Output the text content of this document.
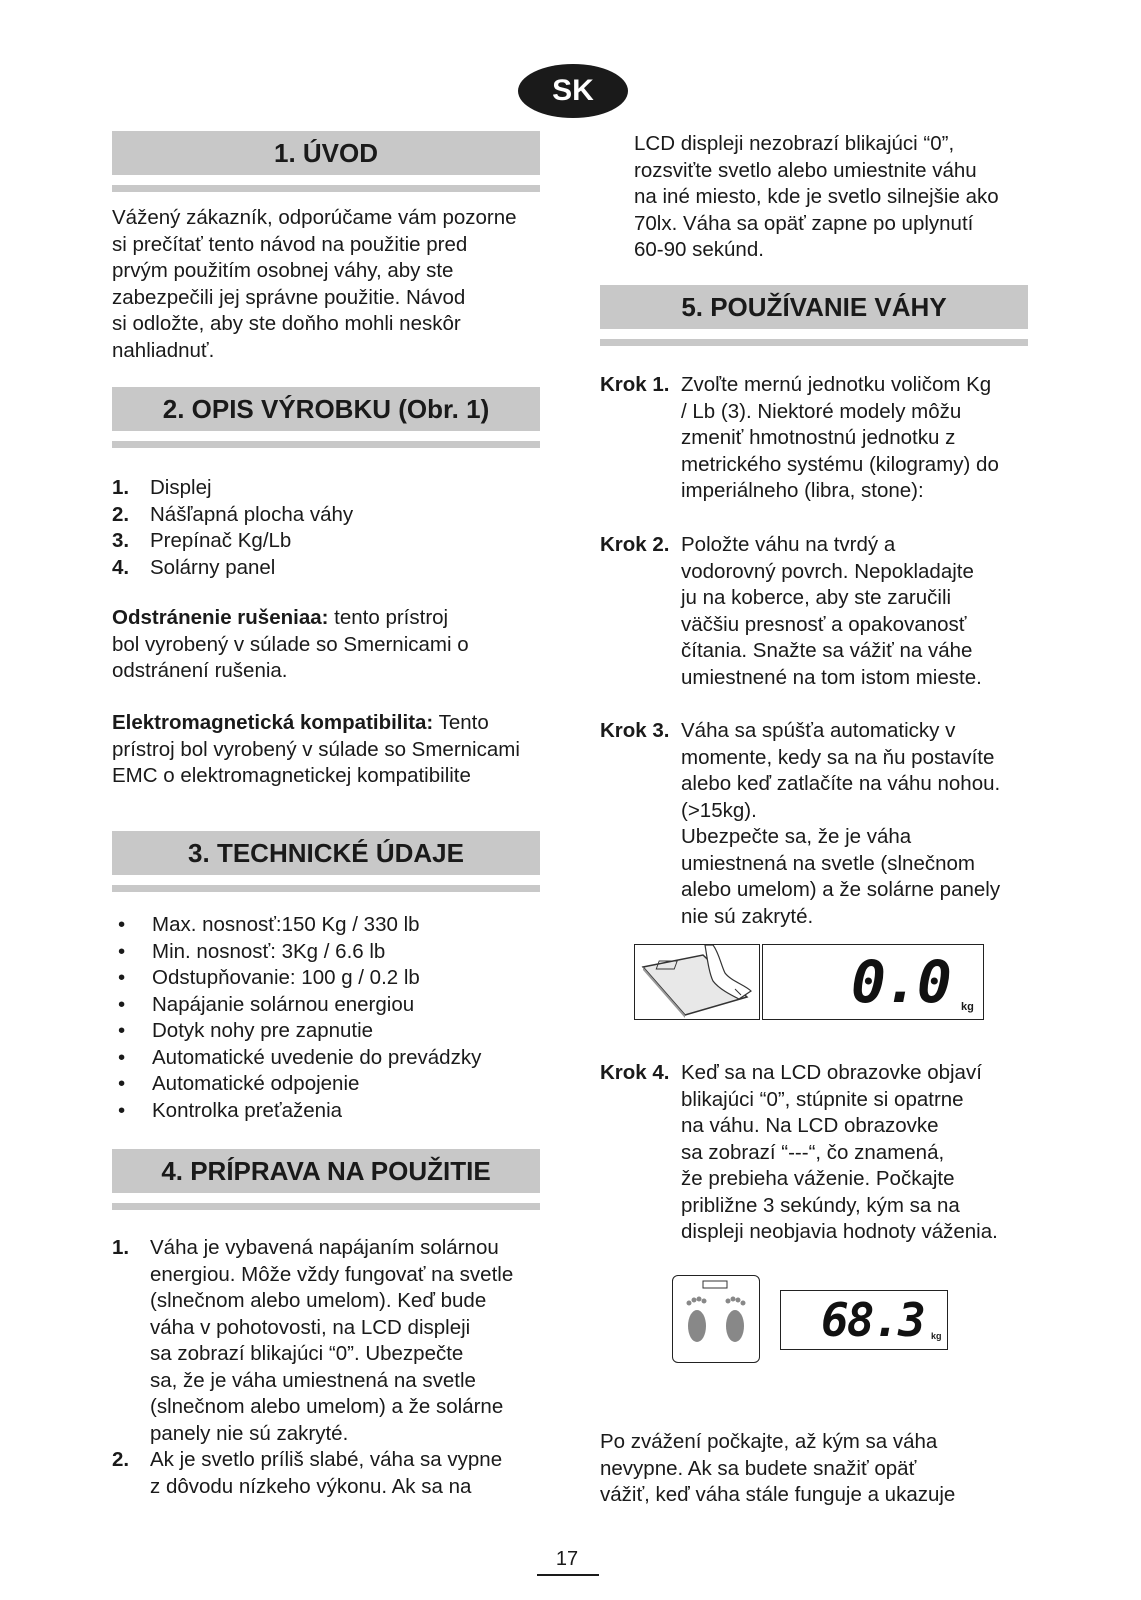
SK
1. ÚVOD
Vážený zákazník, odporúčame vám pozorne
si prečítať tento návod na použitie pred
prvým použitím osobnej váhy, aby ste
zabezpečili jej správne použitie. Návod
si odložte, aby ste doňho mohli neskôr
nahliadnuť.
2. OPIS VÝROBKU (Obr. 1)
1. Displej
2. Nášľapná plocha váhy
3. Prepínač Kg/Lb
4. Solárny panel
Odstránenie rušeniaa: tento prístroj
bol vyrobený v súlade so Smernicami o
odstránení rušenia.
Elektromagnetická kompatibilita: Tento
prístroj bol vyrobený v súlade so Smernicami
EMC o elektromagnetickej kompatibilite
3. TECHNICKÉ ÚDAJE
• Max. nosnosť:150 Kg / 330 lb
• Min. nosnosť: 3Kg / 6.6 lb
• Odstupňovanie: 100 g / 0.2 lb
• Napájanie solárnou energiou
• Dotyk nohy pre zapnutie
• Automatické uvedenie do prevádzky
• Automatické odpojenie
• Kontrolka preťaženia
4. PRÍPRAVA NA POUŽITIE
1. Váha je vybavená napájaním solárnou
energiou. Môže vždy fungovať na svetle
(slnečnom alebo umelom). Keď bude
váha v pohotovosti, na LCD displeji
sa zobrazí blikajúci “0”. Ubezpečte
sa, že je váha umiestnená na svetle
(slnečnom alebo umelom) a že solárne
panely nie sú zakryté.
2. Ak je svetlo príliš slabé, váha sa vypne
z dôvodu nízkeho výkonu. Ak sa na
LCD displeji nezobrazí blikajúci “0”,
rozsviťte svetlo alebo umiestnite váhu
na iné miesto, kde je svetlo silnejšie ako
70lx. Váha sa opäť zapne po uplynutí
60-90 sekúnd.
5. POUŽÍVANIE VÁHY
Krok 1. Zvoľte mernú jednotku voličom Kg
/ Lb (3). Niektoré modely môžu
zmeniť hmotnostnú jednotku z
metrického systému (kilogramy) do
imperiálneho (libra, stone):
Krok 2. Položte váhu na tvrdý a
vodorovný povrch. Nepokladajte
ju na koberce, aby ste zaručili
väčšiu presnosť a opakovanosť
čítania. Snažte sa vážiť na váhe
umiestnené na tom istom mieste.
Krok 3. Váha sa spúšťa automaticky v
momente, kedy sa na ňu postavíte
alebo keď zatlačíte na váhu nohou.
(>15kg).
Ubezpečte sa, že je váha
umiestnená na svetle (slnečnom
alebo umelom) a že solárne panely
nie sú zakryté.
0.0 kg
Krok 4. Keď sa na LCD obrazovke objaví
blikajúci “0”, stúpnite si opatrne
na váhu. Na LCD obrazovke
sa zobrazí “---“, čo znamená,
že prebieha váženie. Počkajte
približne 3 sekúndy, kým sa na
displeji neobjavia hodnoty váženia.
68.3 kg
Po zvážení počkajte, až kým sa váha
nevypne. Ak sa budete snažiť opäť
vážiť, keď váha stále funguje a ukazuje
17
